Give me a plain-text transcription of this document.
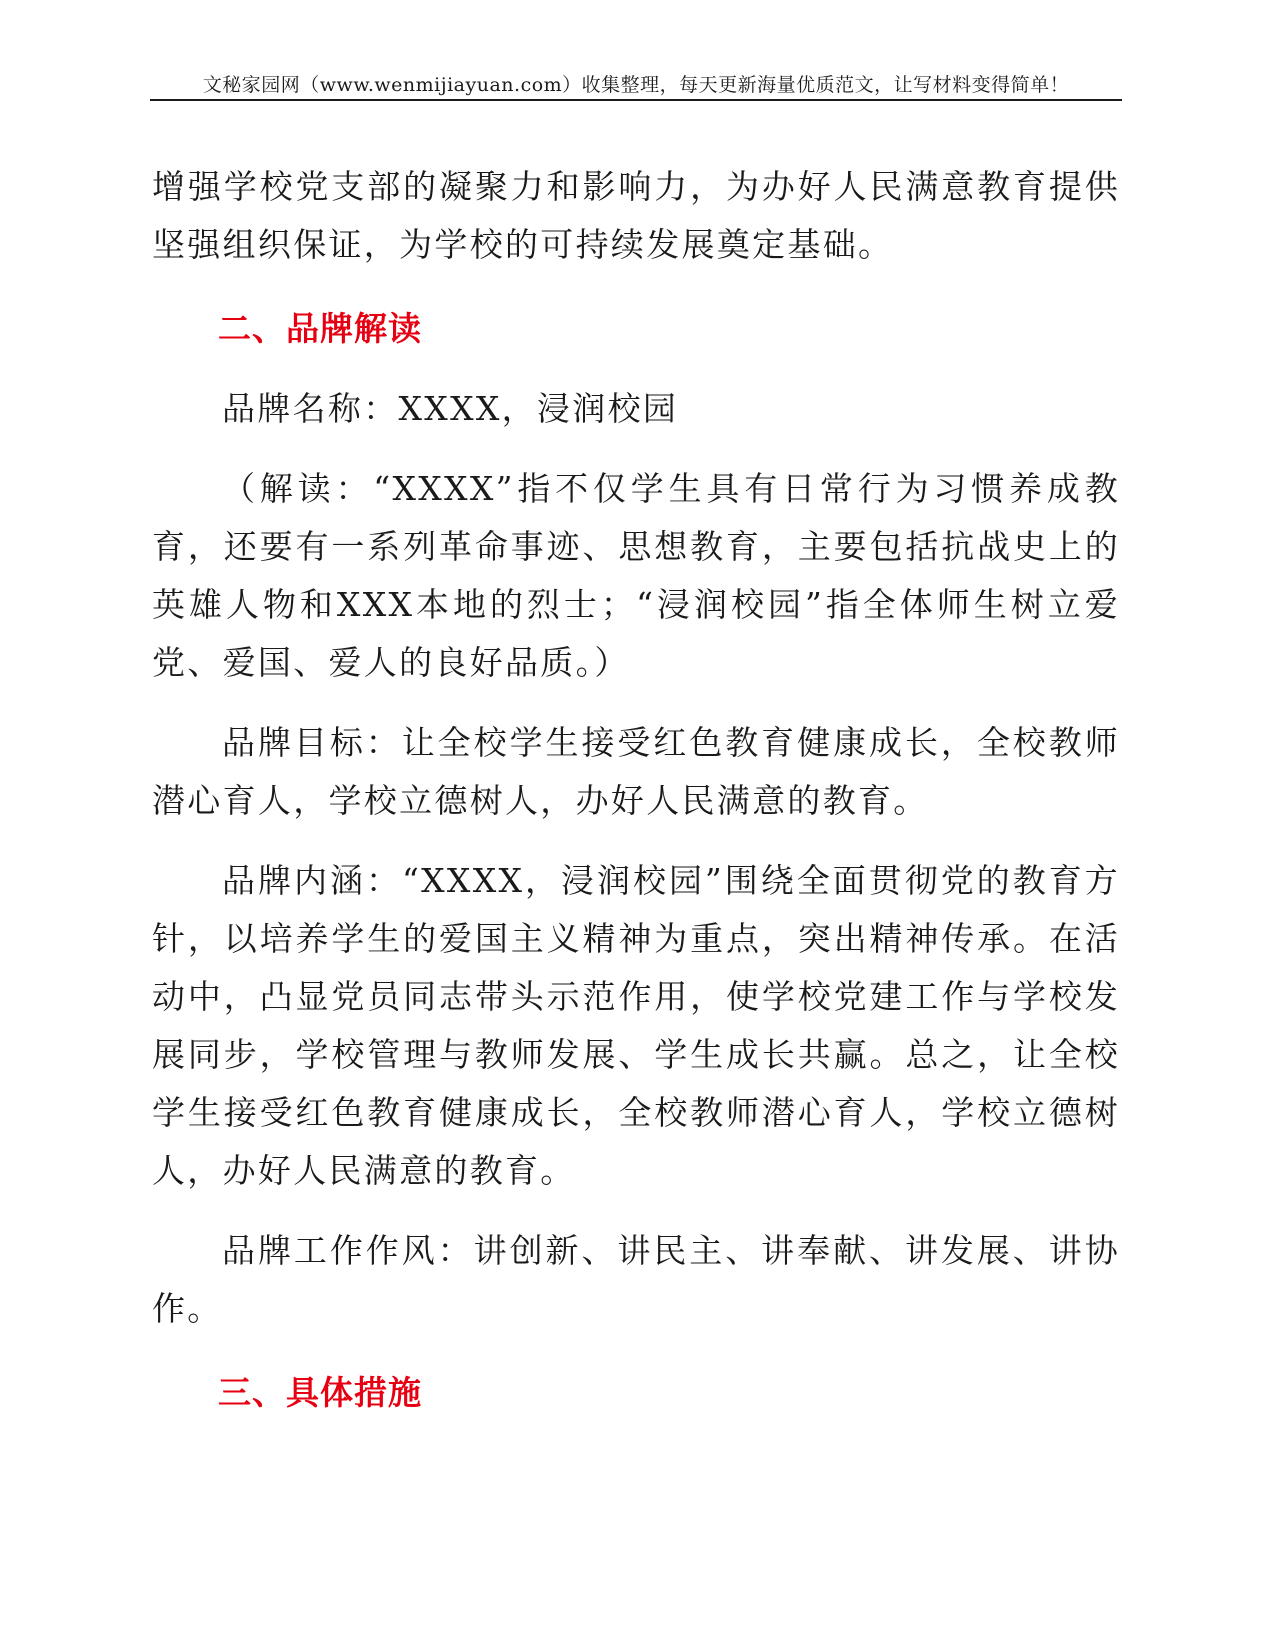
文秘家园网（www.wenmijiayuan.com）收集整理，每天更新海量优质范文，让写材料变得简单！

增强学校党支部的凝聚力和影响力，为办好人民满意教育提供坚强组织保证，为学校的可持续发展奠定基础。

二、品牌解读

品牌名称：XXXX，浸润校园

（解读：“XXXX”指不仅学生具有日常行为习惯养成教育，还要有一系列革命事迹、思想教育，主要包括抗战史上的英雄人物和XXX本地的烈士；“浸润校园”指全体师生树立爱党、爱国、爱人的良好品质。）

品牌目标：让全校学生接受红色教育健康成长，全校教师潜心育人，学校立德树人，办好人民满意的教育。

品牌内涵：“XXXX，浸润校园”围绕全面贯彻党的教育方针，以培养学生的爱国主义精神为重点，突出精神传承。在活动中，凸显党员同志带头示范作用，使学校党建工作与学校发展同步，学校管理与教师发展、学生成长共赢。总之，让全校学生接受红色教育健康成长，全校教师潜心育人，学校立德树人，办好人民满意的教育。

品牌工作作风：讲创新、讲民主、讲奉献、讲发展、讲协作。

三、具体措施
